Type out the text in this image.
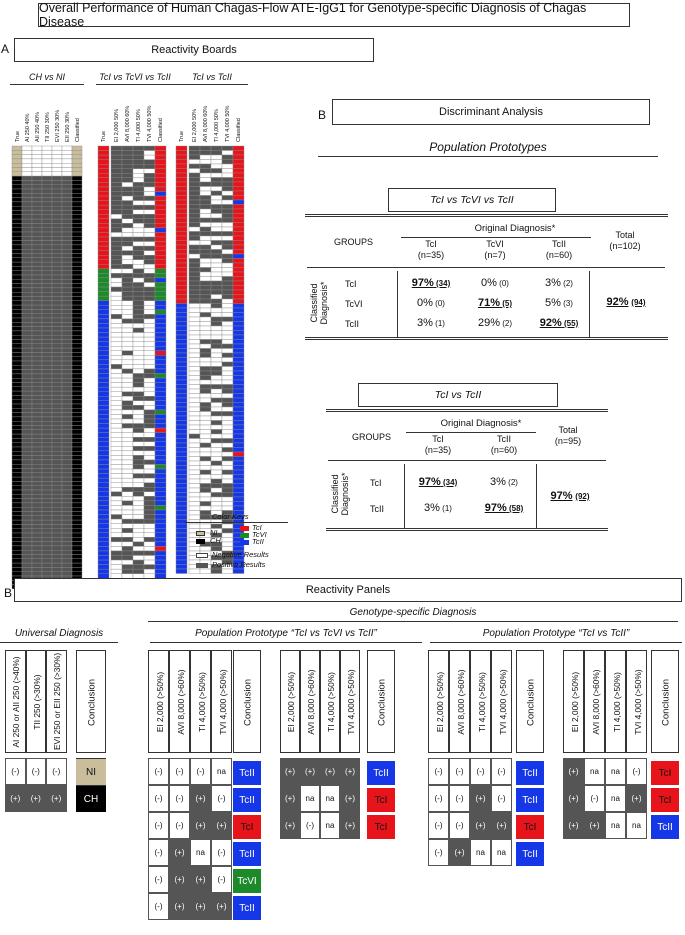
Overall Performance of Human Chagas-Flow ATE-IgG1 for Genotype-specific Diagnosis of Chagas Disease
A	Reactivity Boards
CH vs NI	TcI vs TcVI vs TcII	TcI vs TcII
True AI 250 40% AII 250 40% TII 250 30% EVI 250 30% EII 250 30% Classified	True EI 2,000 50% AVI 8,000 60% TI 4,000 50% TVI 4,000 50% Classified	True EI 2,000 50% AVI 8,000 60% TI 4,000 50% TVI 4,000 50% Classified
Color Keys
NI
CH
TcI
TcVI
TcII
Negative Results
Positive Results
B	Discriminant Analysis
Population Prototypes
TcI vs TcVI vs TcII
GROUPS
Original Diagnosis*
TcI
(n=35)
TcVI
(n=7)
TcII
(n=60)
Total
(n=102)
Classified Diagnosis* TcI
TcVI
TcII
97% (34)	0% (0)	3% (2)
0% (0)	71% (5)	5% (3)
3% (1)	29% (2)	92% (55)
92% (94)
TcI vs TcII
GROUPS
Original Diagnosis*
TcI
(n=35)
TcII
(n=60)
Total
(n=95)
Classified Diagnosis* TcI
TcII
97% (34)	3% (2)
3% (1)	97% (58)
97% (92)
B	Reactivity Panels
Genotype-specific Diagnosis
Universal Diagnosis	Population Prototype “TcI vs TcVI vs TcII”	Population Prototype “TcI vs TcII”
AI 250 or AII 250 (>40%) TII 250 (>30%) EVI 250 or EII 250 (>30%)	Conclusion
(-)	(-)	(-)	NI
(+)	(+)	(+)	CH
EI 2,000 (>50%) AVI 8,000 (>60%) TI 4,000 (>50%) TVI 4,000 (>50%) Conclusion
(-)	(-)	(-)	na	TcII
(-)	(-)	(+)	(-)	TcII
(-)	(-)	(+)	(+)	TcI
(-)	(+)	na	(-)	TcII
(-)	(+)	(+)	(-)	TcVI
(-)	(+)	(+)	(+)	TcII
EI 2,000 (>50%) AVI 8,000 (>60%) TI 4,000 (>50%) TVI 4,000 (>50%) Conclusion
(+)	(+)	(+)	(+)	TcII
(+)	na	na	(+)	TcI
(+)	(-)	na	(+)	TcI
EI 2,000 (>50%) AVI 8,000 (>60%) TI 4,000 (>50%) TVI 4,000 (>50%) Conclusion
(-)	(-)	(-)	(-)	TcII
(-)	(-)	(+)	(-)	TcII
(-)	(-)	(+)	(+)	TcI
(-)	(+)	na	na	TcII
EI 2,000 (>50%) AVI 8,000 (>60%) TI 4,000 (>50%) TVI 4,000 (>50%) Conclusion
(+)	na	na	(-)	TcI
(+)	(-)	na	(+)	TcI
(+)	(+)	na	na	TcII
